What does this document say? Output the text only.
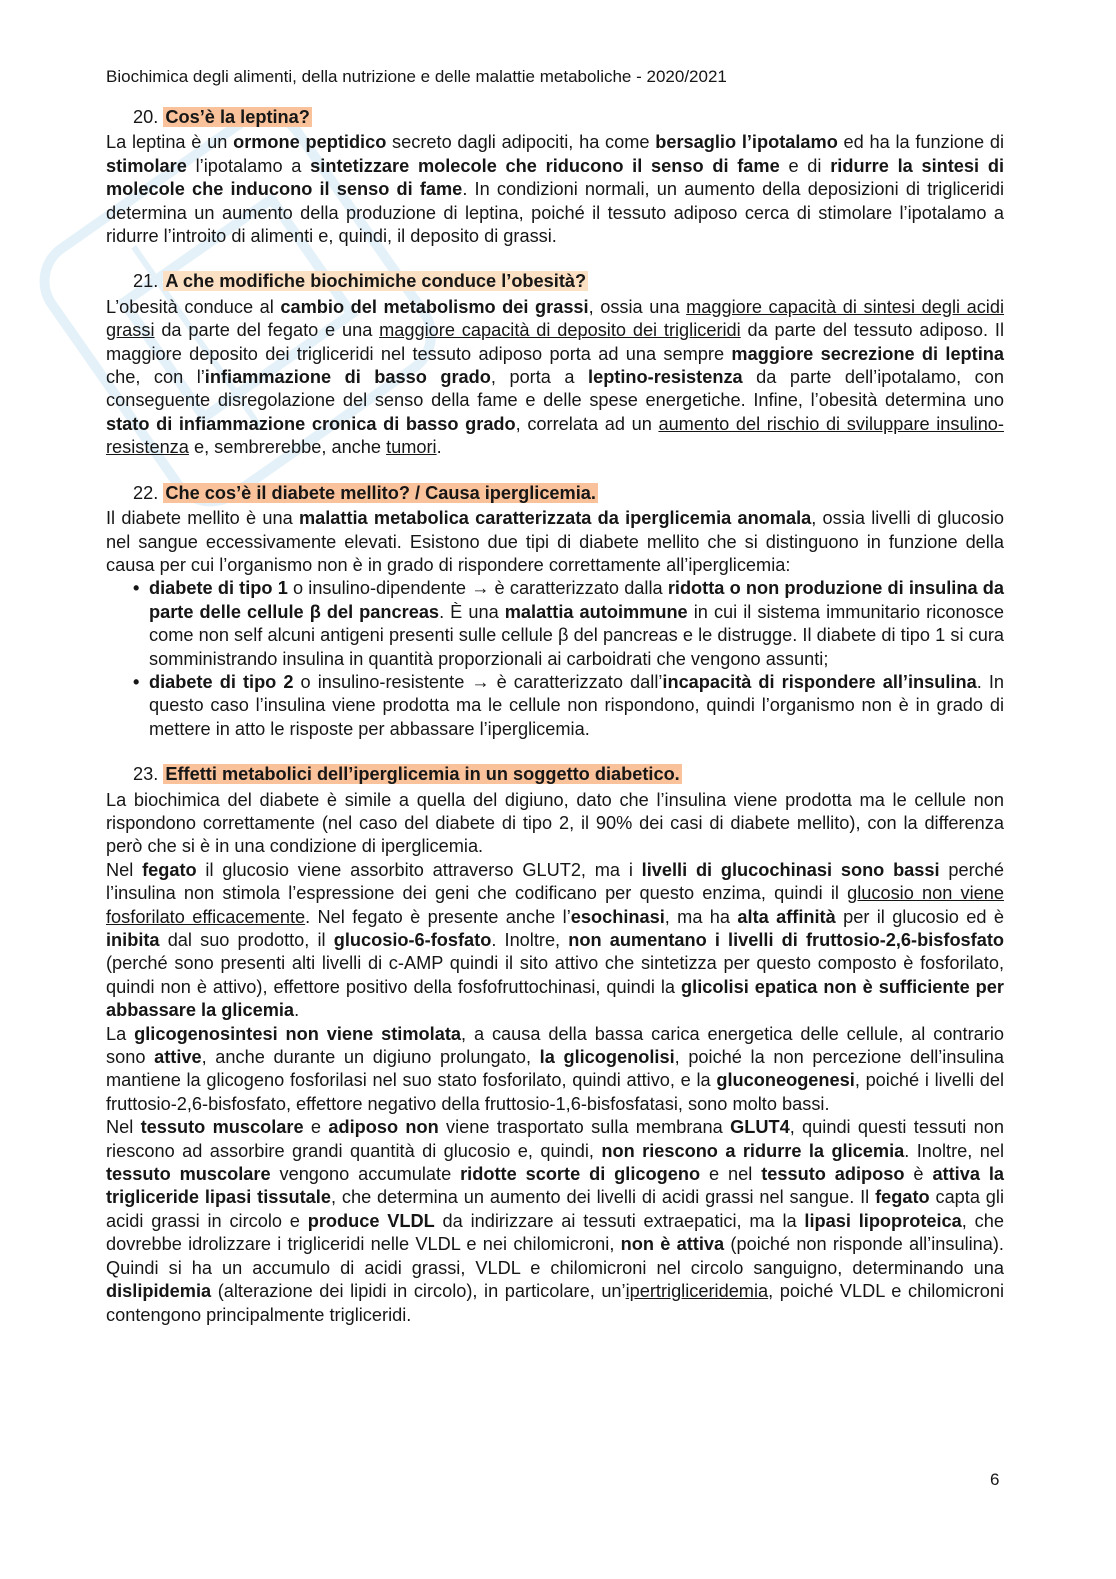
Biochimica degli alimenti, della nutrizione e delle malattie metaboliche - 2020/2021
20. Cos’è la leptina?

La leptina è un ormone peptidico secreto dagli adipociti, ha come bersaglio l’ipotalamo ed ha la funzione di stimolare l’ipotalamo a sintetizzare molecole che riducono il senso di fame e di ridurre la sintesi di molecole che inducono il senso di fame. In condizioni normali, un aumento della deposizioni di trigliceridi determina un aumento della produzione di leptina, poiché il tessuto adiposo cerca di stimolare l’ipotalamo a ridurre l’introito di alimenti e, quindi, il deposito di grassi.

21. A che modifiche biochimiche conduce l’obesità?

L’obesità conduce al cambio del metabolismo dei grassi, ossia una maggiore capacità di sintesi degli acidi grassi da parte del fegato e una maggiore capacità di deposito dei trigliceridi da parte del tessuto adiposo. Il maggiore deposito dei trigliceridi nel tessuto adiposo porta ad una sempre maggiore secrezione di leptina che, con l’infiammazione di basso grado, porta a leptino-resistenza da parte dell’ipotalamo, con conseguente disregolazione del senso della fame e delle spese energetiche. Infine, l’obesità determina uno stato di infiammazione cronica di basso grado, correlata ad un aumento del rischio di sviluppare insulino-resistenza e, sembrerebbe, anche tumori.

22. Che cos’è il diabete mellito? / Causa iperglicemia.

Il diabete mellito è una malattia metabolica caratterizzata da iperglicemia anomala, ossia livelli di glucosio nel sangue eccessivamente elevati. Esistono due tipi di diabete mellito che si distinguono in funzione della causa per cui l’organismo non è in grado di rispondere correttamente all’iperglicemia:

• diabete di tipo 1 o insulino-dipendente → è caratterizzato dalla ridotta o non produzione di insulina da parte delle cellule β del pancreas. È una malattia autoimmune in cui il sistema immunitario riconosce come non self alcuni antigeni presenti sulle cellule β del pancreas e le distrugge. Il diabete di tipo 1 si cura somministrando insulina in quantità proporzionali ai carboidrati che vengono assunti;
• diabete di tipo 2 o insulino-resistente → è caratterizzato dall’incapacità di rispondere all’insulina. In questo caso l’insulina viene prodotta ma le cellule non rispondono, quindi l’organismo non è in grado di mettere in atto le risposte per abbassare l’iperglicemia.
23. Effetti metabolici dell’iperglicemia in un soggetto diabetico.

La biochimica del diabete è simile a quella del digiuno, dato che l’insulina viene prodotta ma le cellule non rispondono correttamente (nel caso del diabete di tipo 2, il 90% dei casi di diabete mellito), con la differenza però che si è in una condizione di iperglicemia.

Nel fegato il glucosio viene assorbito attraverso GLUT2, ma i livelli di glucochinasi sono bassi perché l’insulina non stimola l’espressione dei geni che codificano per questo enzima, quindi il glucosio non viene fosforilato efficacemente. Nel fegato è presente anche l’esochinasi, ma ha alta affinità per il glucosio ed è inibita dal suo prodotto, il glucosio-6-fosfato. Inoltre, non aumentano i livelli di fruttosio-2,6-bisfosfato (perché sono presenti alti livelli di c-AMP quindi il sito attivo che sintetizza per questo composto è fosforilato, quindi non è attivo), effettore positivo della fosfofruttochinasi, quindi la glicolisi epatica non è sufficiente per abbassare la glicemia.

La glicogenosintesi non viene stimolata, a causa della bassa carica energetica delle cellule, al contrario sono attive, anche durante un digiuno prolungato, la glicogenolisi, poiché la non percezione dell’insulina mantiene la glicogeno fosforilasi nel suo stato fosforilato, quindi attivo, e la gluconeogenesi, poiché i livelli del fruttosio-2,6-bisfosfato, effettore negativo della fruttosio-1,6-bisfosfatasi, sono molto bassi.

Nel tessuto muscolare e adiposo non viene trasportato sulla membrana GLUT4, quindi questi tessuti non riescono ad assorbire grandi quantità di glucosio e, quindi, non riescono a ridurre la glicemia. Inoltre, nel tessuto muscolare vengono accumulate ridotte scorte di glicogeno e nel tessuto adiposo è attiva la trigliceride lipasi tissutale, che determina un aumento dei livelli di acidi grassi nel sangue. Il fegato capta gli acidi grassi in circolo e produce VLDL da indirizzare ai tessuti extraepatici, ma la lipasi lipoproteica, che dovrebbe idrolizzare i trigliceridi nelle VLDL e nei chilomicroni, non è attiva (poiché non risponde all’insulina). Quindi si ha un accumulo di acidi grassi, VLDL e chilomicroni nel circolo sanguigno, determinando una dislipidemia (alterazione dei lipidi in circolo), in particolare, un’ipertrigliceridemia, poiché VLDL e chilomicroni contengono principalmente trigliceridi.

6
